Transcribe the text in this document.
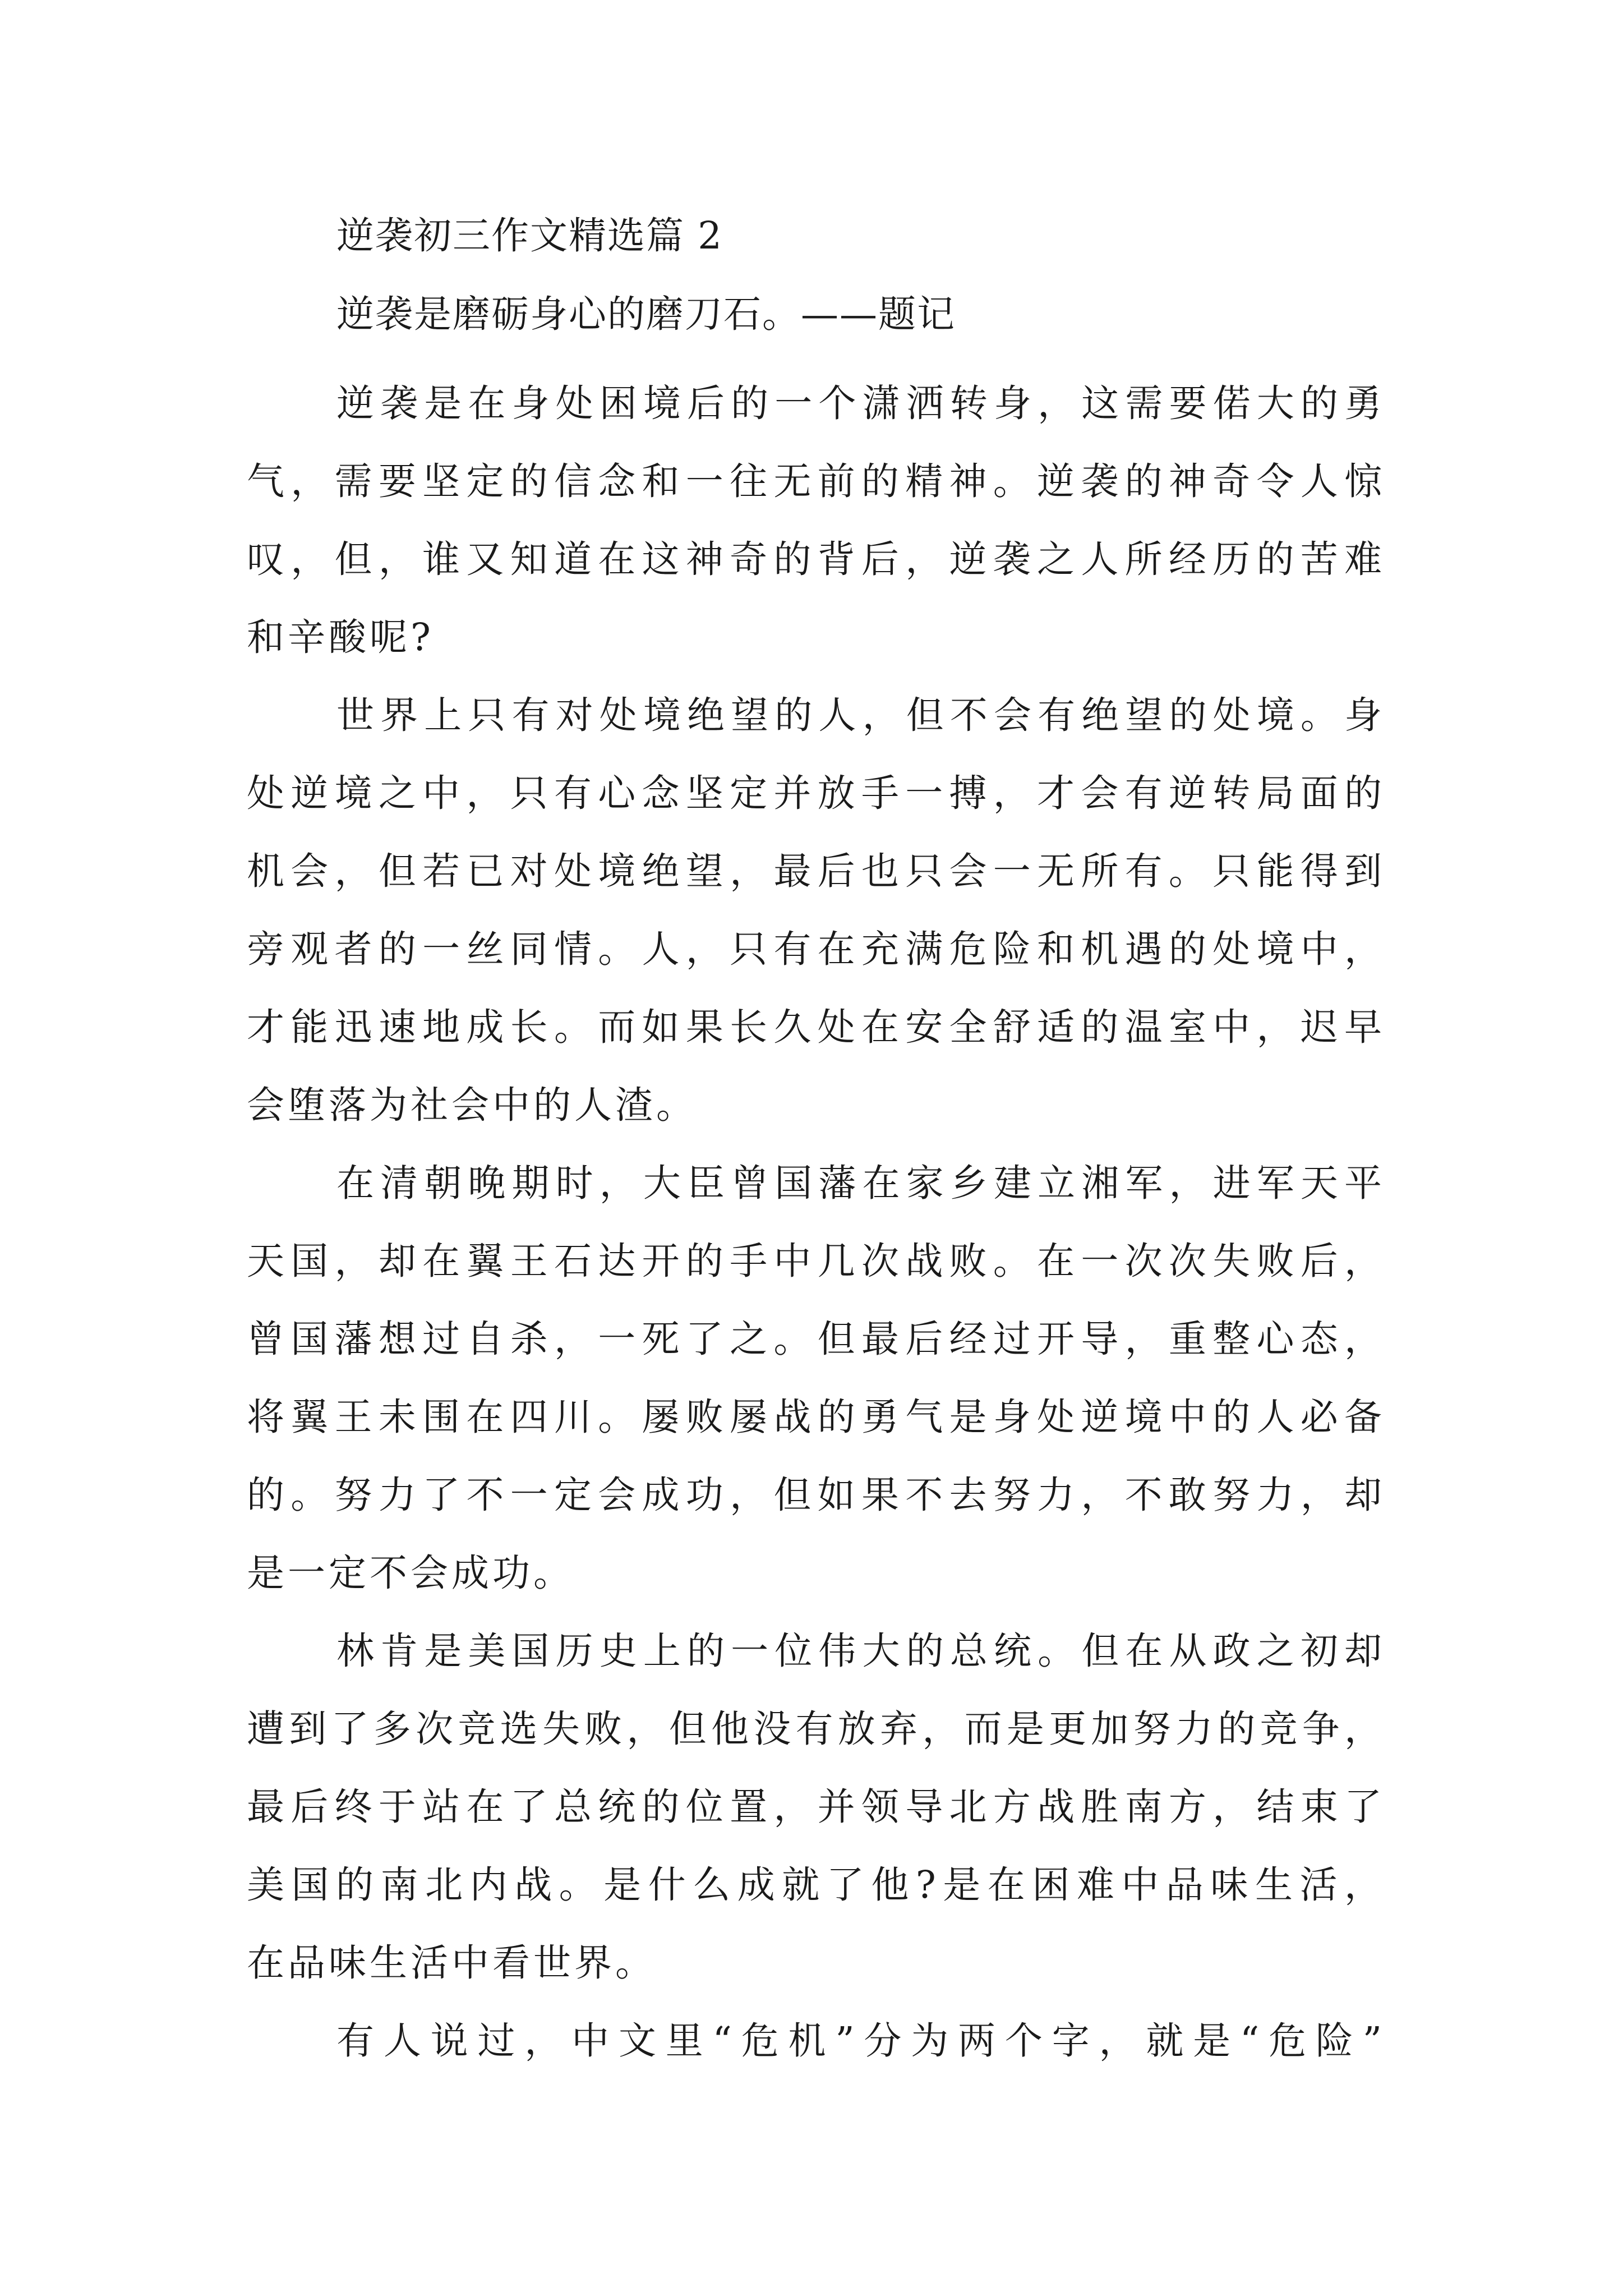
逆袭初三作文精选篇 2

逆袭是磨砺身心的磨刀石。——题记

逆袭是在身处困境后的一个潇洒转身，这需要偌大的勇
气，需要坚定的信念和一往无前的精神。逆袭的神奇令人惊
叹，但，谁又知道在这神奇的背后，逆袭之人所经历的苦难
和辛酸呢?

世界上只有对处境绝望的人，但不会有绝望的处境。身
处逆境之中，只有心念坚定并放手一搏，才会有逆转局面的
机会，但若已对处境绝望，最后也只会一无所有。只能得到
旁观者的一丝同情。人，只有在充满危险和机遇的处境中，
才能迅速地成长。而如果长久处在安全舒适的温室中，迟早
会堕落为社会中的人渣。

在清朝晚期时，大臣曾国藩在家乡建立湘军，进军天平
天国，却在翼王石达开的手中几次战败。在一次次失败后，
曾国藩想过自杀，一死了之。但最后经过开导，重整心态，
将翼王未围在四川。屡败屡战的勇气是身处逆境中的人必备
的。努力了不一定会成功，但如果不去努力，不敢努力，却
是一定不会成功。

林肯是美国历史上的一位伟大的总统。但在从政之初却
遭到了多次竞选失败，但他没有放弃，而是更加努力的竞争，
最后终于站在了总统的位置，并领导北方战胜南方，结束了
美国的南北内战。是什么成就了他?是在困难中品味生活，
在品味生活中看世界。

有人说过，中文里“危机”分为两个字，就是“危险”
